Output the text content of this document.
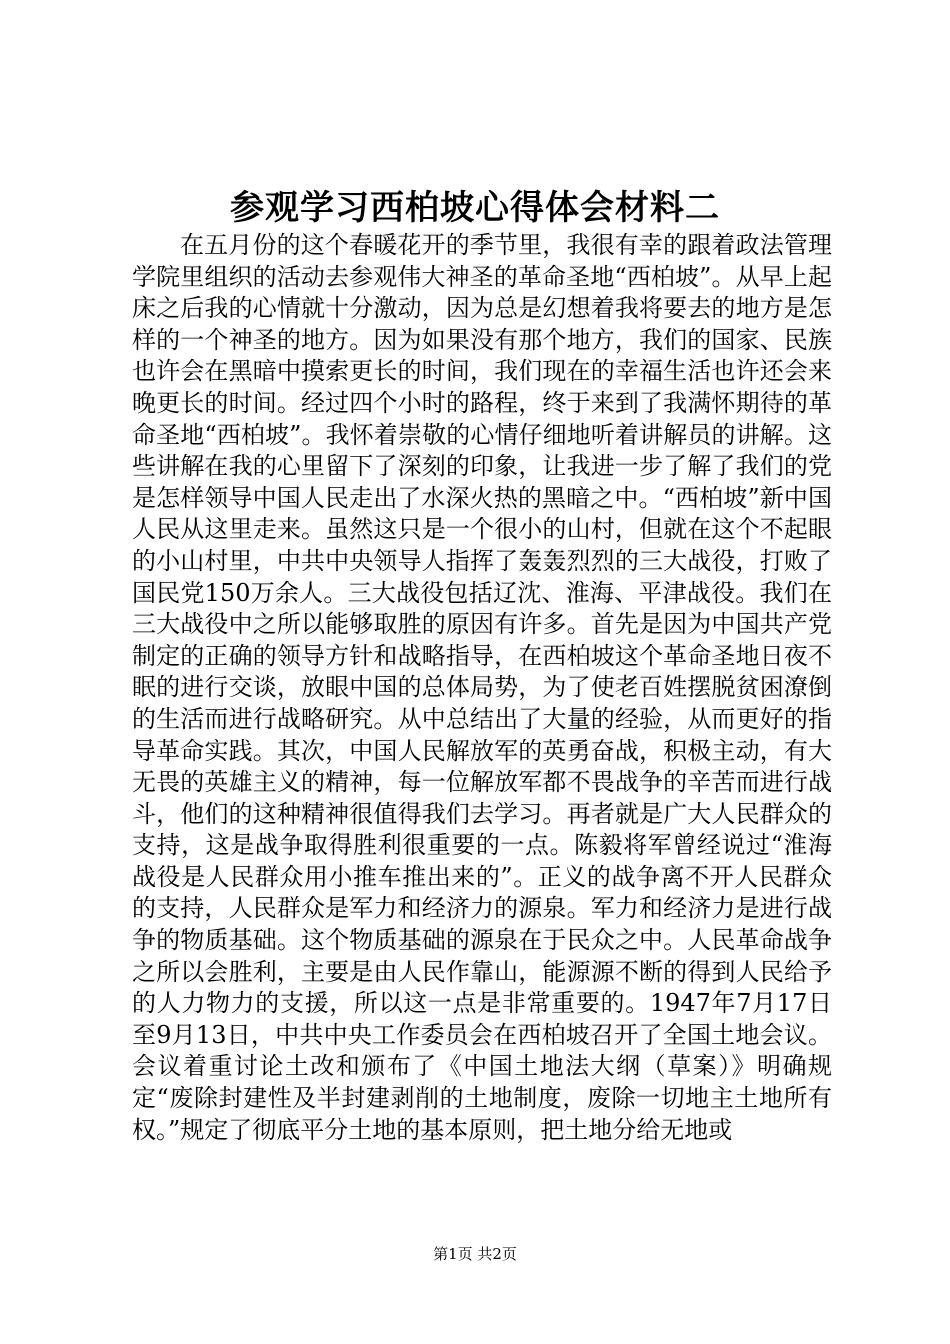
参观学习西柏坡心得体会材料二

在五月份的这个春暖花开的季节里，我很有幸的跟着政法管理学院里组织的活动去参观伟大神圣的革命圣地“西柏坡”。从早上起床之后我的心情就十分激动，因为总是幻想着我将要去的地方是怎样的一个神圣的地方。因为如果没有那个地方，我们的国家、民族也许会在黑暗中摸索更长的时间，我们现在的幸福生活也许还会来晚更长的时间。经过四个小时的路程，终于来到了我满怀期待的革命圣地“西柏坡”。我怀着崇敬的心情仔细地听着讲解员的讲解。这些讲解在我的心里留下了深刻的印象，让我进一步了解了我们的党是怎样领导中国人民走出了水深火热的黑暗之中。“西柏坡”新中国人民从这里走来。虽然这只是一个很小的山村，但就在这个不起眼的小山村里，中共中央领导人指挥了轰轰烈烈的三大战役，打败了国民党150万余人。三大战役包括辽沈、淮海、平津战役。我们在三大战役中之所以能够取胜的原因有许多。首先是因为中国共产党制定的正确的领导方针和战略指导，在西柏坡这个革命圣地日夜不眠的进行交谈，放眼中国的总体局势，为了使老百姓摆脱贫困潦倒的生活而进行战略研究。从中总结出了大量的经验，从而更好的指导革命实践。其次，中国人民解放军的英勇奋战，积极主动，有大无畏的英雄主义的精神，每一位解放军都不畏战争的辛苦而进行战斗，他们的这种精神很值得我们去学习。再者就是广大人民群众的支持，这是战争取得胜利很重要的一点。陈毅将军曾经说过“淮海战役是人民群众用小推车推出来的”。正义的战争离不开人民群众的支持，人民群众是军力和经济力的源泉。军力和经济力是进行战争的物质基础。这个物质基础的源泉在于民众之中。人民革命战争之所以会胜利，主要是由人民作靠山，能源源不断的得到人民给予的人力物力的支援，所以这一点是非常重要的。1947年7月17日至9月13日，中共中央工作委员会在西柏坡召开了全国土地会议。会议着重讨论土改和颁布了《中国土地法大纲（草案）》明确规定“废除封建性及半封建剥削的土地制度，废除一切地主土地所有权。”规定了彻底平分土地的基本原则，把土地分给无地或

第1页 共2页
